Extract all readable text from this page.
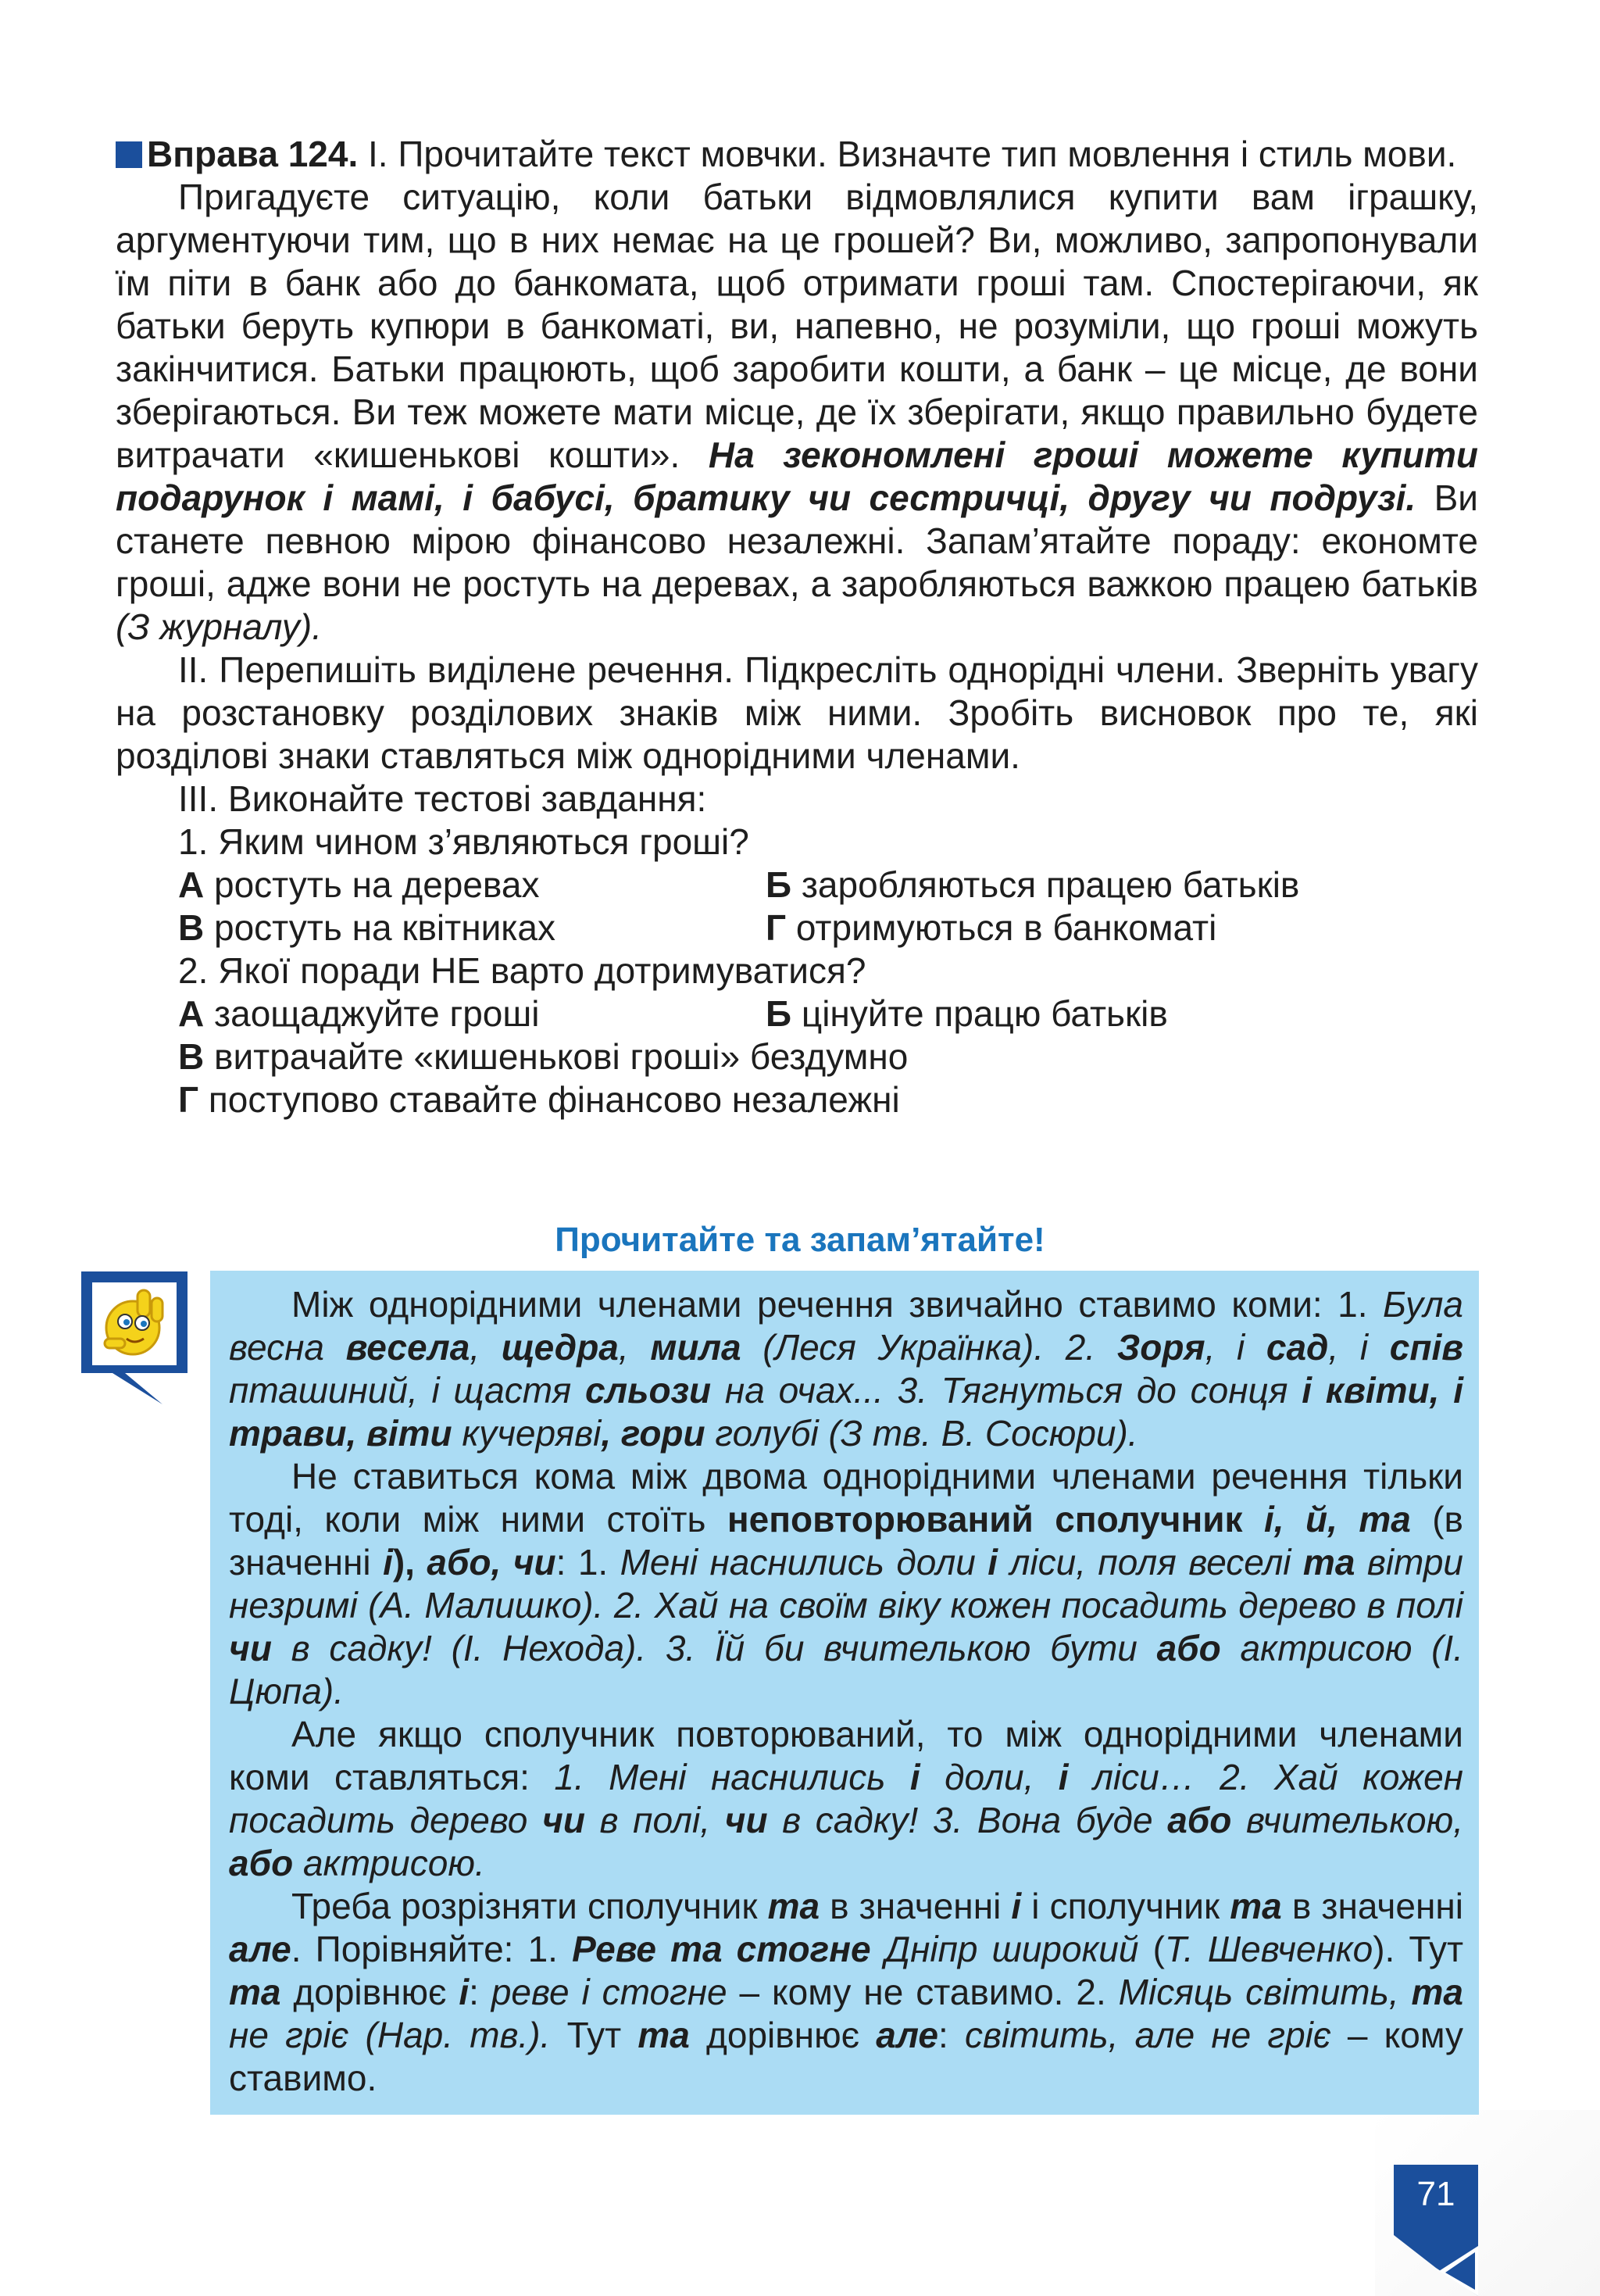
Вправа 124. І. Прочитайте текст мовчки. Визначте тип мовлення і стиль мови.

Пригадуєте ситуацію, коли батьки відмовлялися купити вам іграшку, аргументуючи тим, що в них немає на це грошей? Ви, можливо, запропонували їм піти в банк або до банкомата, щоб отримати гроші там. Спостерігаючи, як батьки беруть купюри в банкоматі, ви, напевно, не розуміли, що гроші можуть закінчитися. Батьки працюють, щоб заробити кошти, а банк – це місце, де вони зберігаються. Ви теж можете мати місце, де їх зберігати, якщо правильно будете витрачати «кишенькові кошти». На зекономлені гроші можете купити подарунок і мамі, і бабусі, братику чи сестричці, другу чи подрузі. Ви станете певною мірою фінансово незалежні. Запам’ятайте пораду: економте гроші, адже вони не ростуть на деревах, а заробляються важкою працею батьків (З журналу).

ІІ. Перепишіть виділене речення. Підкресліть однорідні члени. Зверніть увагу на розстановку розділових знаків між ними. Зробіть висновок про те, які розділові знаки ставляться між однорідними членами.

ІІІ. Виконайте тестові завдання:

1. Яким чином з’являються гроші?

А ростуть на деревах	Б заробляються працею батьків
В ростуть на квітниках	Г отримуються в банкоматі

2. Якої поради НЕ варто дотримуватися?

А заощаджуйте гроші	Б цінуйте працю батьків
В витрачайте «кишенькові гроші» бездумно
Г поступово ставайте фінансово незалежні
Прочитайте та запам’ятайте!

Між однорідними членами речення звичайно ставимо коми: 1. Була весна весела, щедра, мила (Леся Українка). 2. Зоря, і сад, і спів пташиний, і щастя сльози на очах... 3. Тягнуться до сонця і квіти, і трави, віти кучеряві, гори голубі (З тв. В. Сосюри).

Не ставиться кома між двома однорідними членами речення тільки тоді, коли між ними стоїть неповторюваний сполучник і, й, та (в значенні і), або, чи: 1. Мені наснились доли і ліси, поля веселі та вітри незримі (А. Малишко). 2. Хай на своїм віку кожен посадить дерево в полі чи в садку! (І. Нехода). 3. Їй би вчителькою бути або актрисою (І. Цюпа).

Але якщо сполучник повторюваний, то між однорідними членами коми ставляться: 1. Мені наснились і доли, і ліси… 2. Хай кожен посадить дерево чи в полі, чи в садку! 3. Вона буде або вчителькою, або актрисою.

Треба розрізняти сполучник та в значенні і і сполучник та в значенні але. Порівняйте: 1. Реве та стогне Дніпр широкий (Т. Шевченко). Тут та дорівнює і: реве і стогне – кому не ставимо. 2. Місяць світить, та не гріє (Нар. тв.). Тут та дорівнює але: світить, але не гріє – кому ставимо.

71
